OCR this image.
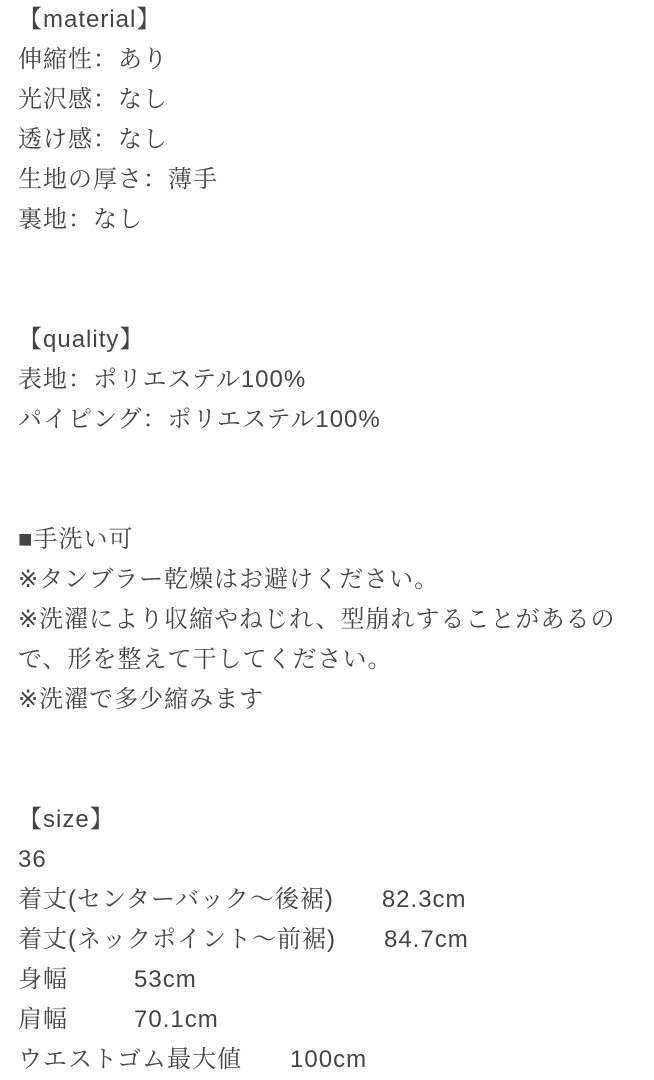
【material】

伸縮性：あり

光沢感：なし

透け感：なし

生地の厚さ：薄手

裏地：なし

【quality】

表地：ポリエステル100%

パイピング：ポリエステル100%

■手洗い可

※タンブラー乾燥はお避けください。

※洗濯により収縮やねじれ、型崩れすることがあるので、形を整えて干してください。

※洗濯で多少縮みます

【size】

36

着丈(センターバック〜後裾) 82.3cm
着丈(ネックポイント〜前裾) 84.7cm
身幅	53cm
肩幅	70.1cm
ウエストゴム最大値 100cm
